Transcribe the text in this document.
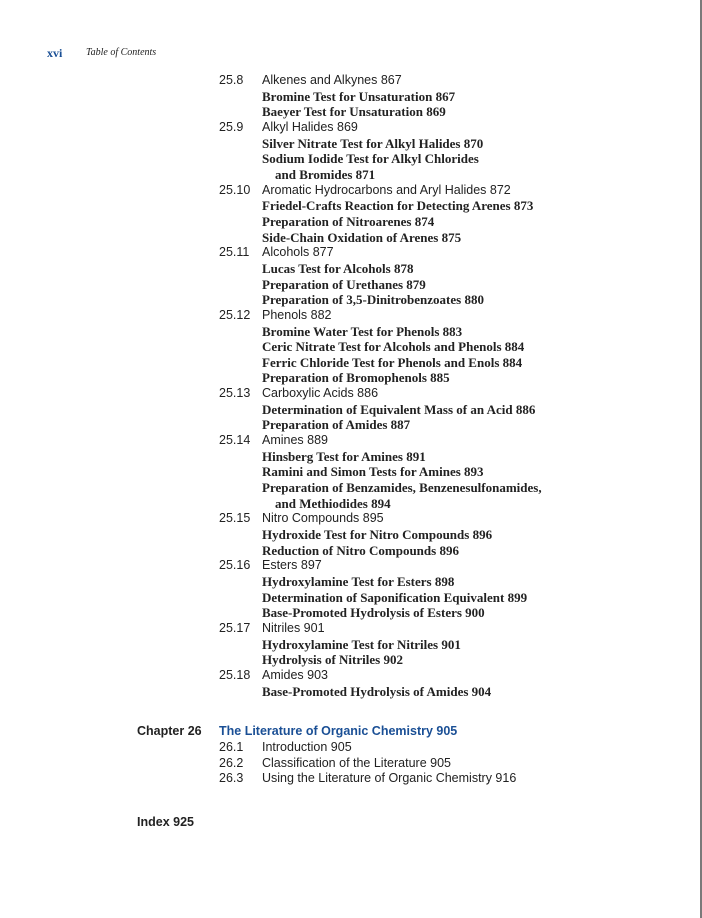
xvi Table of Contents
25.8 Alkenes and Alkynes 867
Bromine Test for Unsaturation 867
Baeyer Test for Unsaturation 869
25.9 Alkyl Halides 869
Silver Nitrate Test for Alkyl Halides 870
Sodium Iodide Test for Alkyl Chlorides
and Bromides 871
25.10 Aromatic Hydrocarbons and Aryl Halides 872
Friedel-Crafts Reaction for Detecting Arenes 873
Preparation of Nitroarenes 874
Side-Chain Oxidation of Arenes 875
25.11 Alcohols 877
Lucas Test for Alcohols 878
Preparation of Urethanes 879
Preparation of 3,5-Dinitrobenzoates 880
25.12 Phenols 882
Bromine Water Test for Phenols 883
Ceric Nitrate Test for Alcohols and Phenols 884
Ferric Chloride Test for Phenols and Enols 884
Preparation of Bromophenols 885
25.13 Carboxylic Acids 886
Determination of Equivalent Mass of an Acid 886
Preparation of Amides 887
25.14 Amines 889
Hinsberg Test for Amines 891
Ramini and Simon Tests for Amines 893
Preparation of Benzamides, Benzenesulfonamides,
and Methiodides 894
25.15 Nitro Compounds 895
Hydroxide Test for Nitro Compounds 896
Reduction of Nitro Compounds 896
25.16 Esters 897
Hydroxylamine Test for Esters 898
Determination of Saponification Equivalent 899
Base-Promoted Hydrolysis of Esters 900
25.17 Nitriles 901
Hydroxylamine Test for Nitriles 901
Hydrolysis of Nitriles 902
25.18 Amides 903
Base-Promoted Hydrolysis of Amides 904
Chapter 26 The Literature of Organic Chemistry 905
26.1 Introduction 905
26.2 Classification of the Literature 905
26.3 Using the Literature of Organic Chemistry 916
Index 925
